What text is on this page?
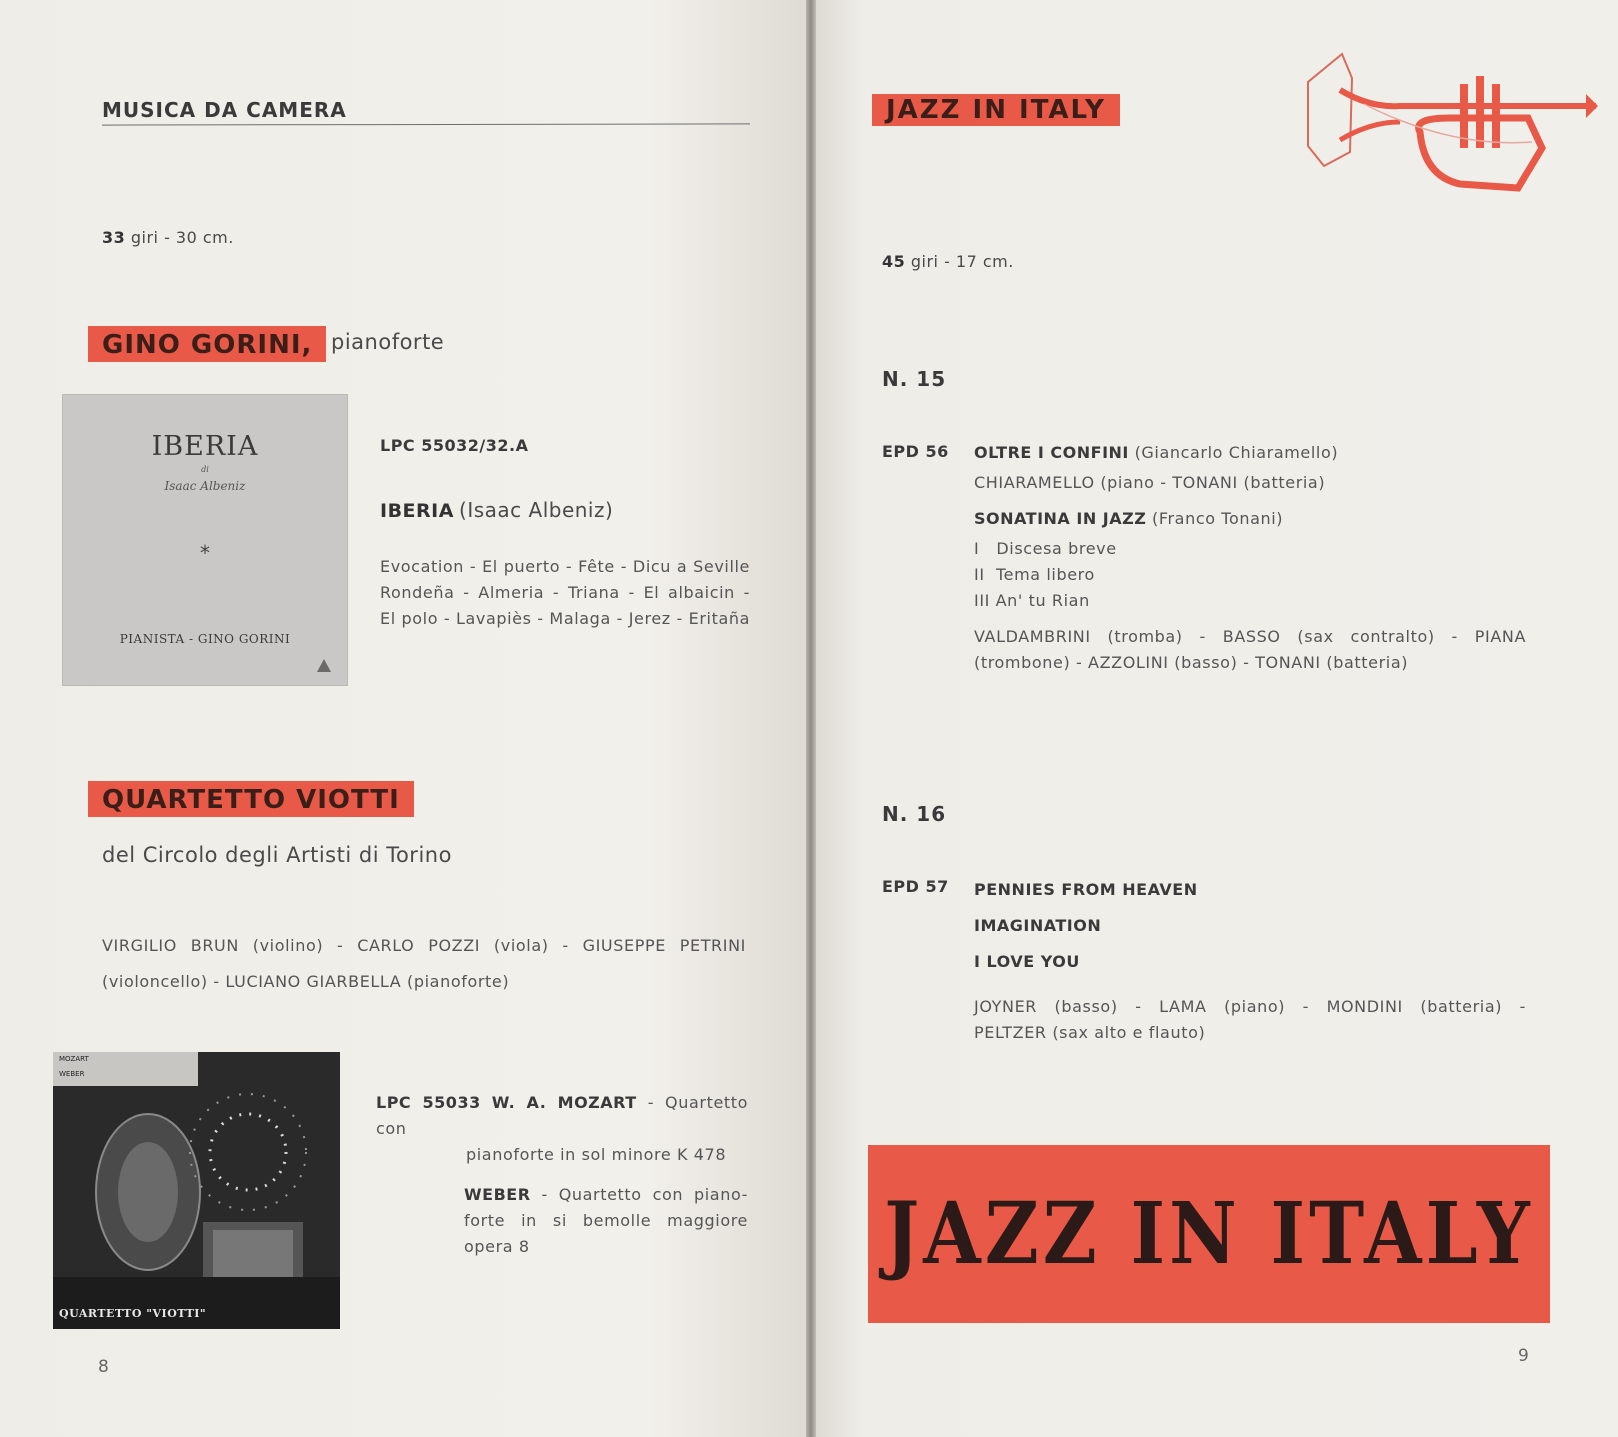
MUSICA DA CAMERA
33 giri - 30 cm.
GINO GORINI, pianoforte
IBERIA
di
Isaac Albeniz
*
PIANISTA - GINO GORINI
LPC 55032/32.A
IBERIA (Isaac Albeniz)
Evocation - El puerto - Fête - Dicu a Seville
Rondeña - Almeria - Triana - El albaicin -
El polo - Lavapiès - Malaga - Jerez - Eritaña
QUARTETTO VIOTTI
del Circolo degli Artisti di Torino
VIRGILIO BRUN (violino) - CARLO POZZI (viola) - GIUSEPPE PETRINI
(violoncello) - LUCIANO GIARBELLA (pianoforte)
MOZART
WEBER
QUARTETTO "VIOTTI"
LPC 55033 W. A. MOZART - Quartetto con
pianoforte in sol minore K 478
WEBER - Quartetto con piano-
forte in si bemolle maggiore
opera 8
8
JAZZ IN ITALY
45 giri - 17 cm.
N. 15
EPD 56 OLTRE I CONFINI (Giancarlo Chiaramello)
CHIARAMELLO (piano - TONANI (batteria)
SONATINA IN JAZZ (Franco Tonani)
I   Discesa breve
II  Tema libero
III An' tu Rian
VALDAMBRINI (tromba) - BASSO (sax contralto) - PIANA
(trombone) - AZZOLINI (basso) - TONANI (batteria)
N. 16
EPD 57 PENNIES FROM HEAVEN
IMAGINATION
I LOVE YOU
JOYNER (basso) - LAMA (piano) - MONDINI (batteria) -
PELTZER (sax alto e flauto)
JAZZ IN ITALY
9
